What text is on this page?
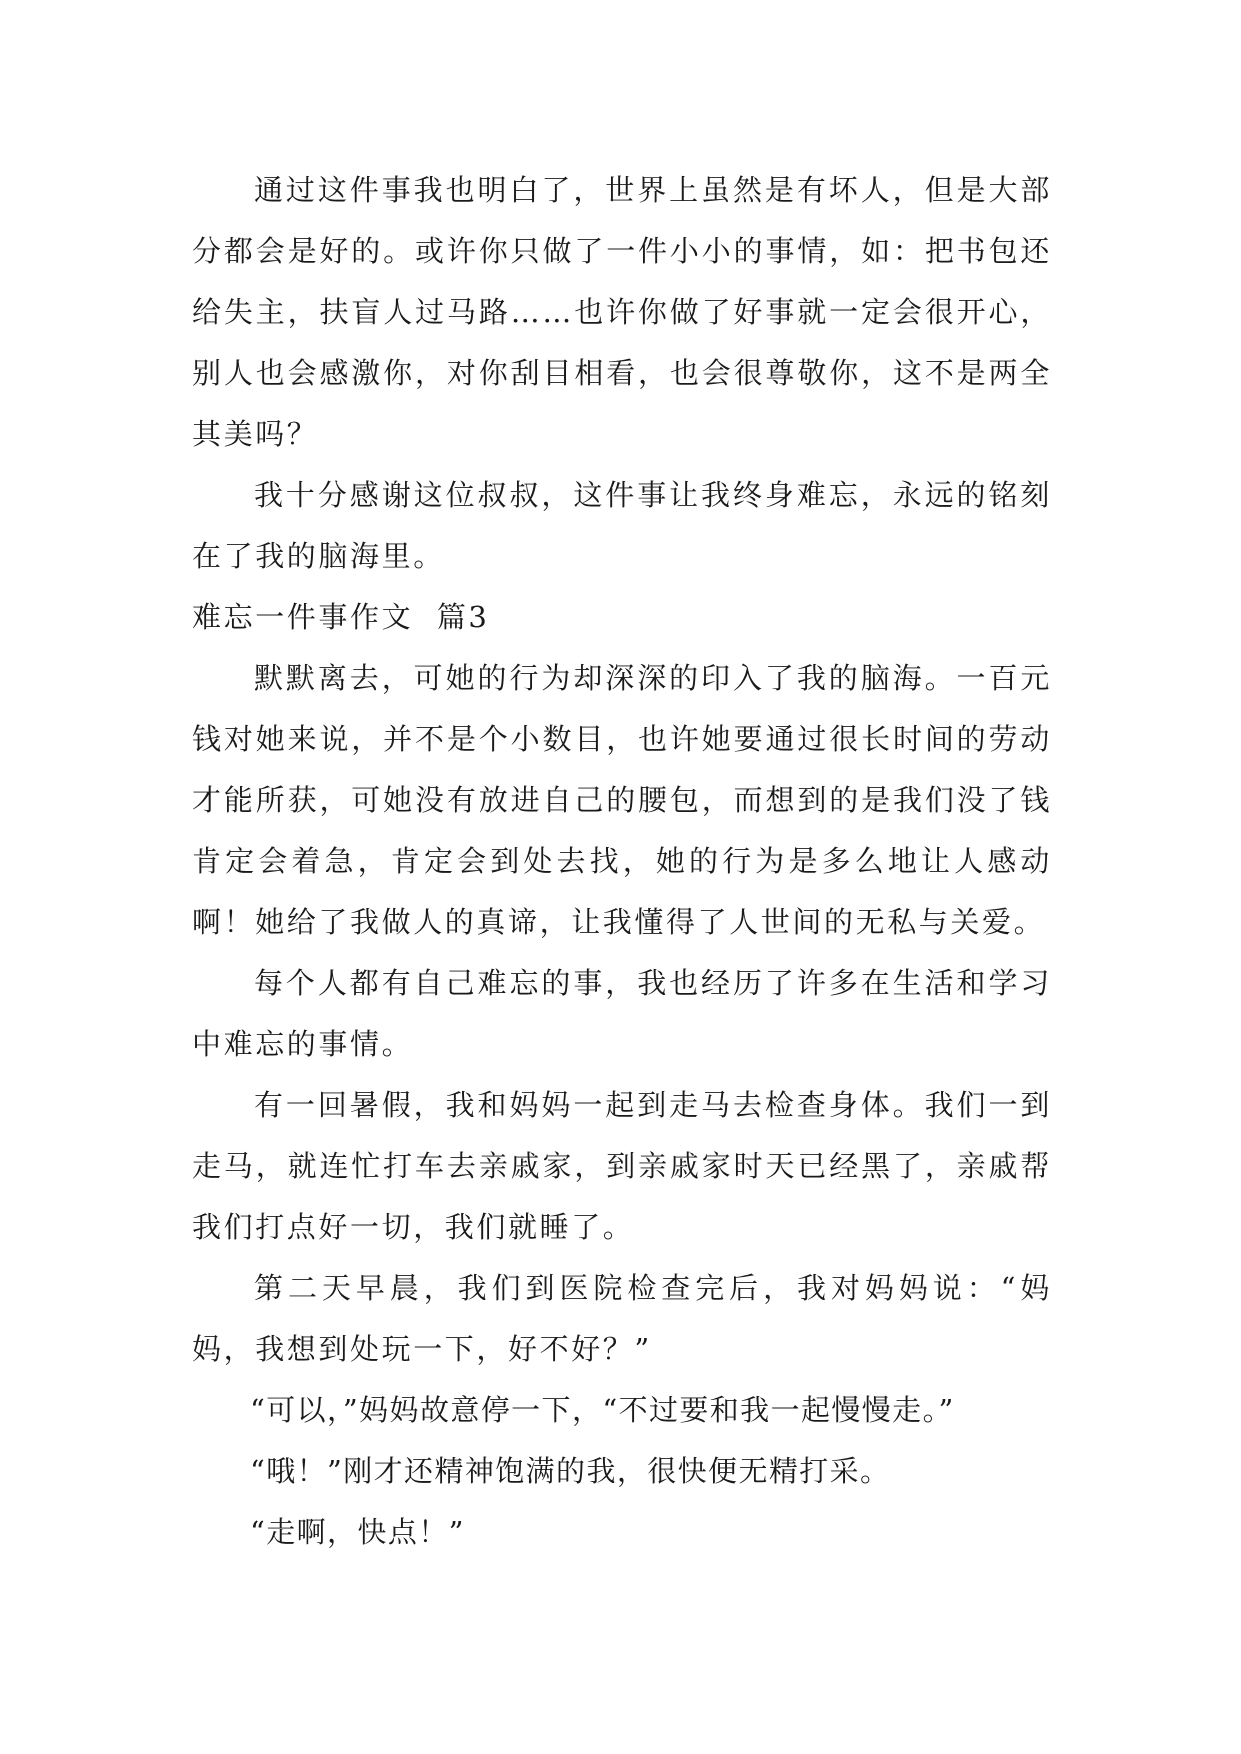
通过这件事我也明白了，世界上虽然是有坏人，但是大部分都会是好的。或许你只做了一件小小的事情，如：把书包还给失主，扶盲人过马路……也许你做了好事就一定会很开心，别人也会感激你，对你刮目相看，也会很尊敬你，这不是两全其美吗？

我十分感谢这位叔叔，这件事让我终身难忘，永远的铭刻在了我的脑海里。

难忘一件事作文  篇3

默默离去，可她的行为却深深的印入了我的脑海。一百元钱对她来说，并不是个小数目，也许她要通过很长时间的劳动才能所获，可她没有放进自己的腰包，而想到的是我们没了钱肯定会着急，肯定会到处去找，她的行为是多么地让人感动啊！她给了我做人的真谛，让我懂得了人世间的无私与关爱。

每个人都有自己难忘的事，我也经历了许多在生活和学习中难忘的事情。

有一回暑假，我和妈妈一起到走马去检查身体。我们一到走马，就连忙打车去亲戚家，到亲戚家时天已经黑了，亲戚帮我们打点好一切，我们就睡了。

第二天早晨，我们到医院检查完后，我对妈妈说：“妈妈，我想到处玩一下，好不好？”

“可以，”妈妈故意停一下，“不过要和我一起慢慢走。”

“哦！”刚才还精神饱满的我，很快便无精打采。

“走啊，快点！”
